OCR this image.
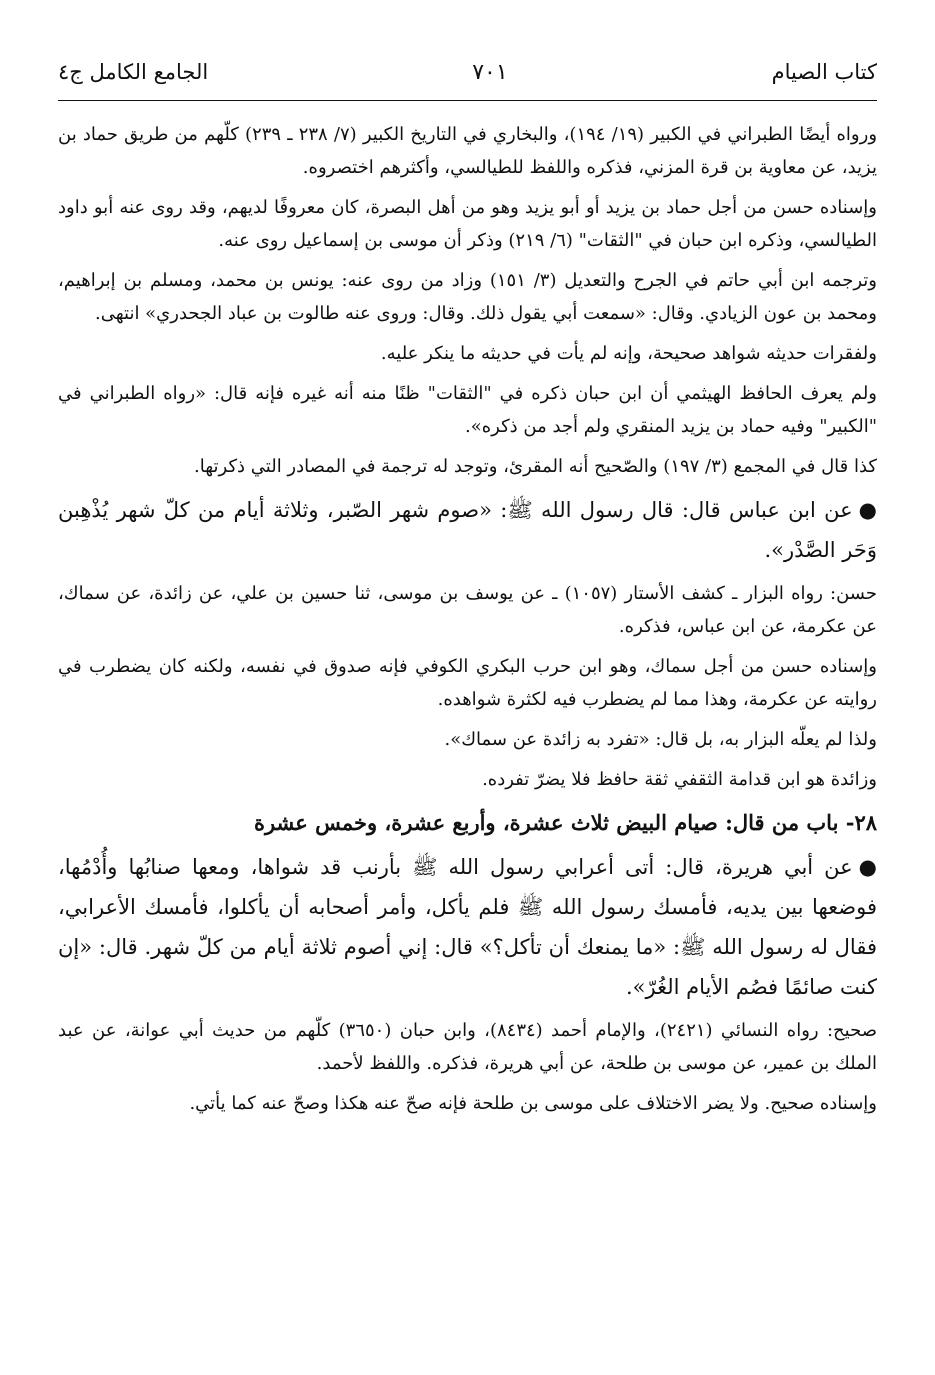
كتاب الصيام
٧٠١
الجامع الكامل ج٤

ورواه أيضًا الطبراني في الكبير (١٩/ ١٩٤)، والبخاري في التاريخ الكبير (٧/ ٢٣٨ ـ ٢٣٩) كلّهم من طريق حماد بن يزيد، عن معاوية بن قرة المزني، فذكره واللفظ للطيالسي، وأكثرهم اختصروه.

وإسناده حسن من أجل حماد بن يزيد أو أبو يزيد وهو من أهل البصرة، كان معروفًا لديهم، وقد روى عنه أبو داود الطيالسي، وذكره ابن حبان في "الثقات" (٦/ ٢١٩) وذكر أن موسى بن إسماعيل روى عنه.

وترجمه ابن أبي حاتم في الجرح والتعديل (٣/ ١٥١) وزاد من روى عنه: يونس بن محمد، ومسلم بن إبراهيم، ومحمد بن عون الزيادي. وقال: «سمعت أبي يقول ذلك. وقال: وروى عنه طالوت بن عباد الجحدري» انتهى.

ولفقرات حديثه شواهد صحيحة، وإنه لم يأت في حديثه ما ينكر عليه.

ولم يعرف الحافظ الهيثمي أن ابن حبان ذكره في "الثقات" ظنًا منه أنه غيره فإنه قال: «رواه الطبراني في "الكبير" وفيه حماد بن يزيد المنقري ولم أجد من ذكره».

كذا قال في المجمع (٣/ ١٩٧) والصّحيح أنه المقرئ، وتوجد له ترجمة في المصادر التي ذكرتها.

●عن ابن عباس قال: قال رسول الله ﷺ: «صوم شهر الصّبر، وثلاثة أيام من كلّ شهر يُذْهِبن وَحَر الصَّدْر».

حسن: رواه البزار ـ كشف الأستار (١٠٥٧) ـ عن يوسف بن موسى، ثنا حسين بن علي، عن زائدة، عن سماك، عن عكرمة، عن ابن عباس، فذكره.

وإسناده حسن من أجل سماك، وهو ابن حرب البكري الكوفي فإنه صدوق في نفسه، ولكنه كان يضطرب في روايته عن عكرمة، وهذا مما لم يضطرب فيه لكثرة شواهده.

ولذا لم يعلّه البزار به، بل قال: «تفرد به زائدة عن سماك».

وزائدة هو ابن قدامة الثقفي ثقة حافظ فلا يضرّ تفرده.

٢٨- باب من قال: صيام البيض ثلاث عشرة، وأربع عشرة، وخمس عشرة

●عن أبي هريرة، قال: أتى أعرابي رسول الله ﷺ بأرنب قد شواها، ومعها صنابُها وأُدْمُها، فوضعها بين يديه، فأمسك رسول الله ﷺ فلم يأكل، وأمر أصحابه أن يأكلوا، فأمسك الأعرابي، فقال له رسول الله ﷺ: «ما يمنعك أن تأكل؟» قال: إني أصوم ثلاثة أيام من كلّ شهر. قال: «إن كنت صائمًا فصُم الأيام الغُرّ».

صحيح: رواه النسائي (٢٤٢١)، والإمام أحمد (٨٤٣٤)، وابن حبان (٣٦٥٠) كلّهم من حديث أبي عوانة، عن عبد الملك بن عمير، عن موسى بن طلحة، عن أبي هريرة، فذكره. واللفظ لأحمد.

وإسناده صحيح. ولا يضر الاختلاف على موسى بن طلحة فإنه صحّ عنه هكذا وصحّ عنه كما يأتي.
